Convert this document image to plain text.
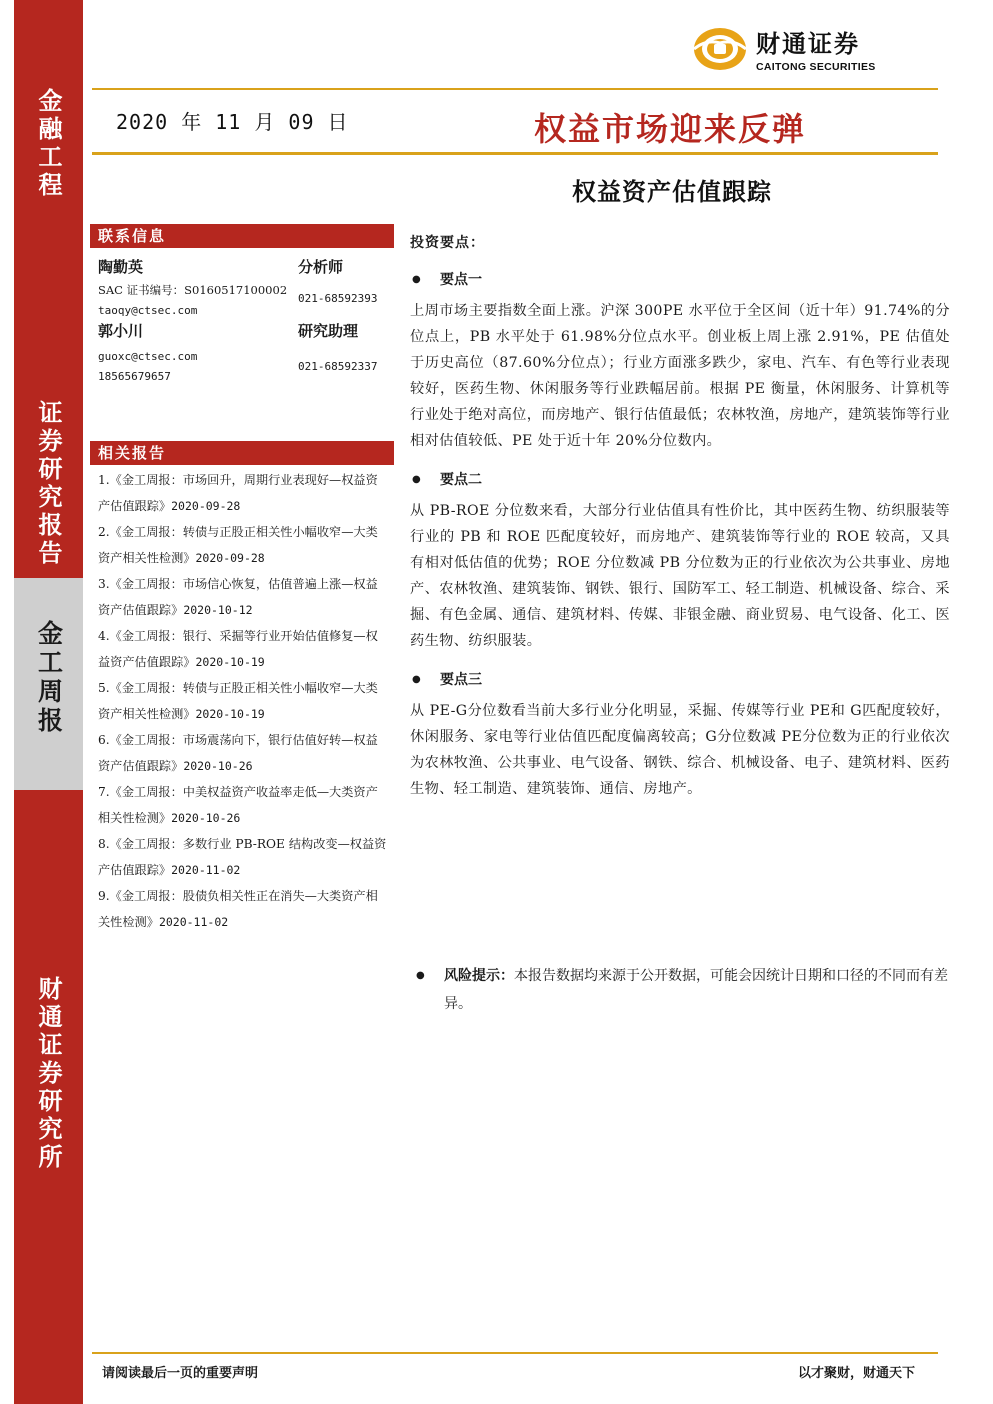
金融工程
证券研究报告
金工周报
财通证券研究所
财通证券
CAITONG SECURITIES
2020 年 11 月 09 日	权益市场迎来反弹
权益资产估值跟踪
联系信息
陶勤英	分析师
SAC 证书编号：S0160517100002
021-68592393
taoqy@ctsec.com
郭小川	研究助理
guoxc@ctsec.com
021-68592337
18565679657
相关报告

1.《金工周报：市场回升，周期行业表现好—权益资产估值跟踪》2020-09-28

2.《金工周报：转债与正股正相关性小幅收窄—大类资产相关性检测》2020-09-28

3.《金工周报：市场信心恢复，估值普遍上涨—权益资产估值跟踪》2020-10-12

4.《金工周报：银行、采掘等行业开始估值修复—权益资产估值跟踪》2020-10-19

5.《金工周报：转债与正股正相关性小幅收窄—大类资产相关性检测》2020-10-19

6.《金工周报：市场震荡向下，银行估值好转—权益资产估值跟踪》2020-10-26

7.《金工周报：中美权益资产收益率走低—大类资产相关性检测》2020-10-26

8.《金工周报：多数行业 PB-ROE 结构改变—权益资产估值跟踪》2020-11-02

9.《金工周报：股债负相关性正在消失—大类资产相关性检测》2020-11-02

投资要点：

● 要点一

上周市场主要指数全面上涨。沪深 300PE 水平位于全区间（近十年）91.74%的分位点上，PB 水平处于 61.98%分位点水平。创业板上周上涨 2.91%，PE 估值处于历史高位（87.60%分位点）；行业方面涨多跌少，家电、汽车、有色等行业表现较好，医药生物、休闲服务等行业跌幅居前。根据 PE 衡量，休闲服务、计算机等行业处于绝对高位，而房地产、银行估值最低；农林牧渔，房地产，建筑装饰等行业相对估值较低、PE 处于近十年 20%分位数内。

● 要点二

从 PB-ROE 分位数来看，大部分行业估值具有性价比，其中医药生物、纺织服装等行业的 PB 和 ROE 匹配度较好，而房地产、建筑装饰等行业的 ROE 较高，又具有相对低估值的优势；ROE 分位数减 PB 分位数为正的行业依次为公共事业、房地产、农林牧渔、建筑装饰、钢铁、银行、国防军工、轻工制造、机械设备、综合、采掘、有色金属、通信、建筑材料、传媒、非银金融、商业贸易、电气设备、化工、医药生物、纺织服装。

● 要点三

从 PE-G分位数看当前大多行业分化明显，采掘、传媒等行业 PE和 G匹配度较好，休闲服务、家电等行业估值匹配度偏离较高；G分位数减 PE分位数为正的行业依次为农林牧渔、公共事业、电气设备、钢铁、综合、机械设备、电子、建筑材料、医药生物、轻工制造、建筑装饰、通信、房地产。

●	风险提示：本报告数据均来源于公开数据，可能会因统计日期和口径的不同而有差异。
请阅读最后一页的重要声明	以才聚财，财通天下
